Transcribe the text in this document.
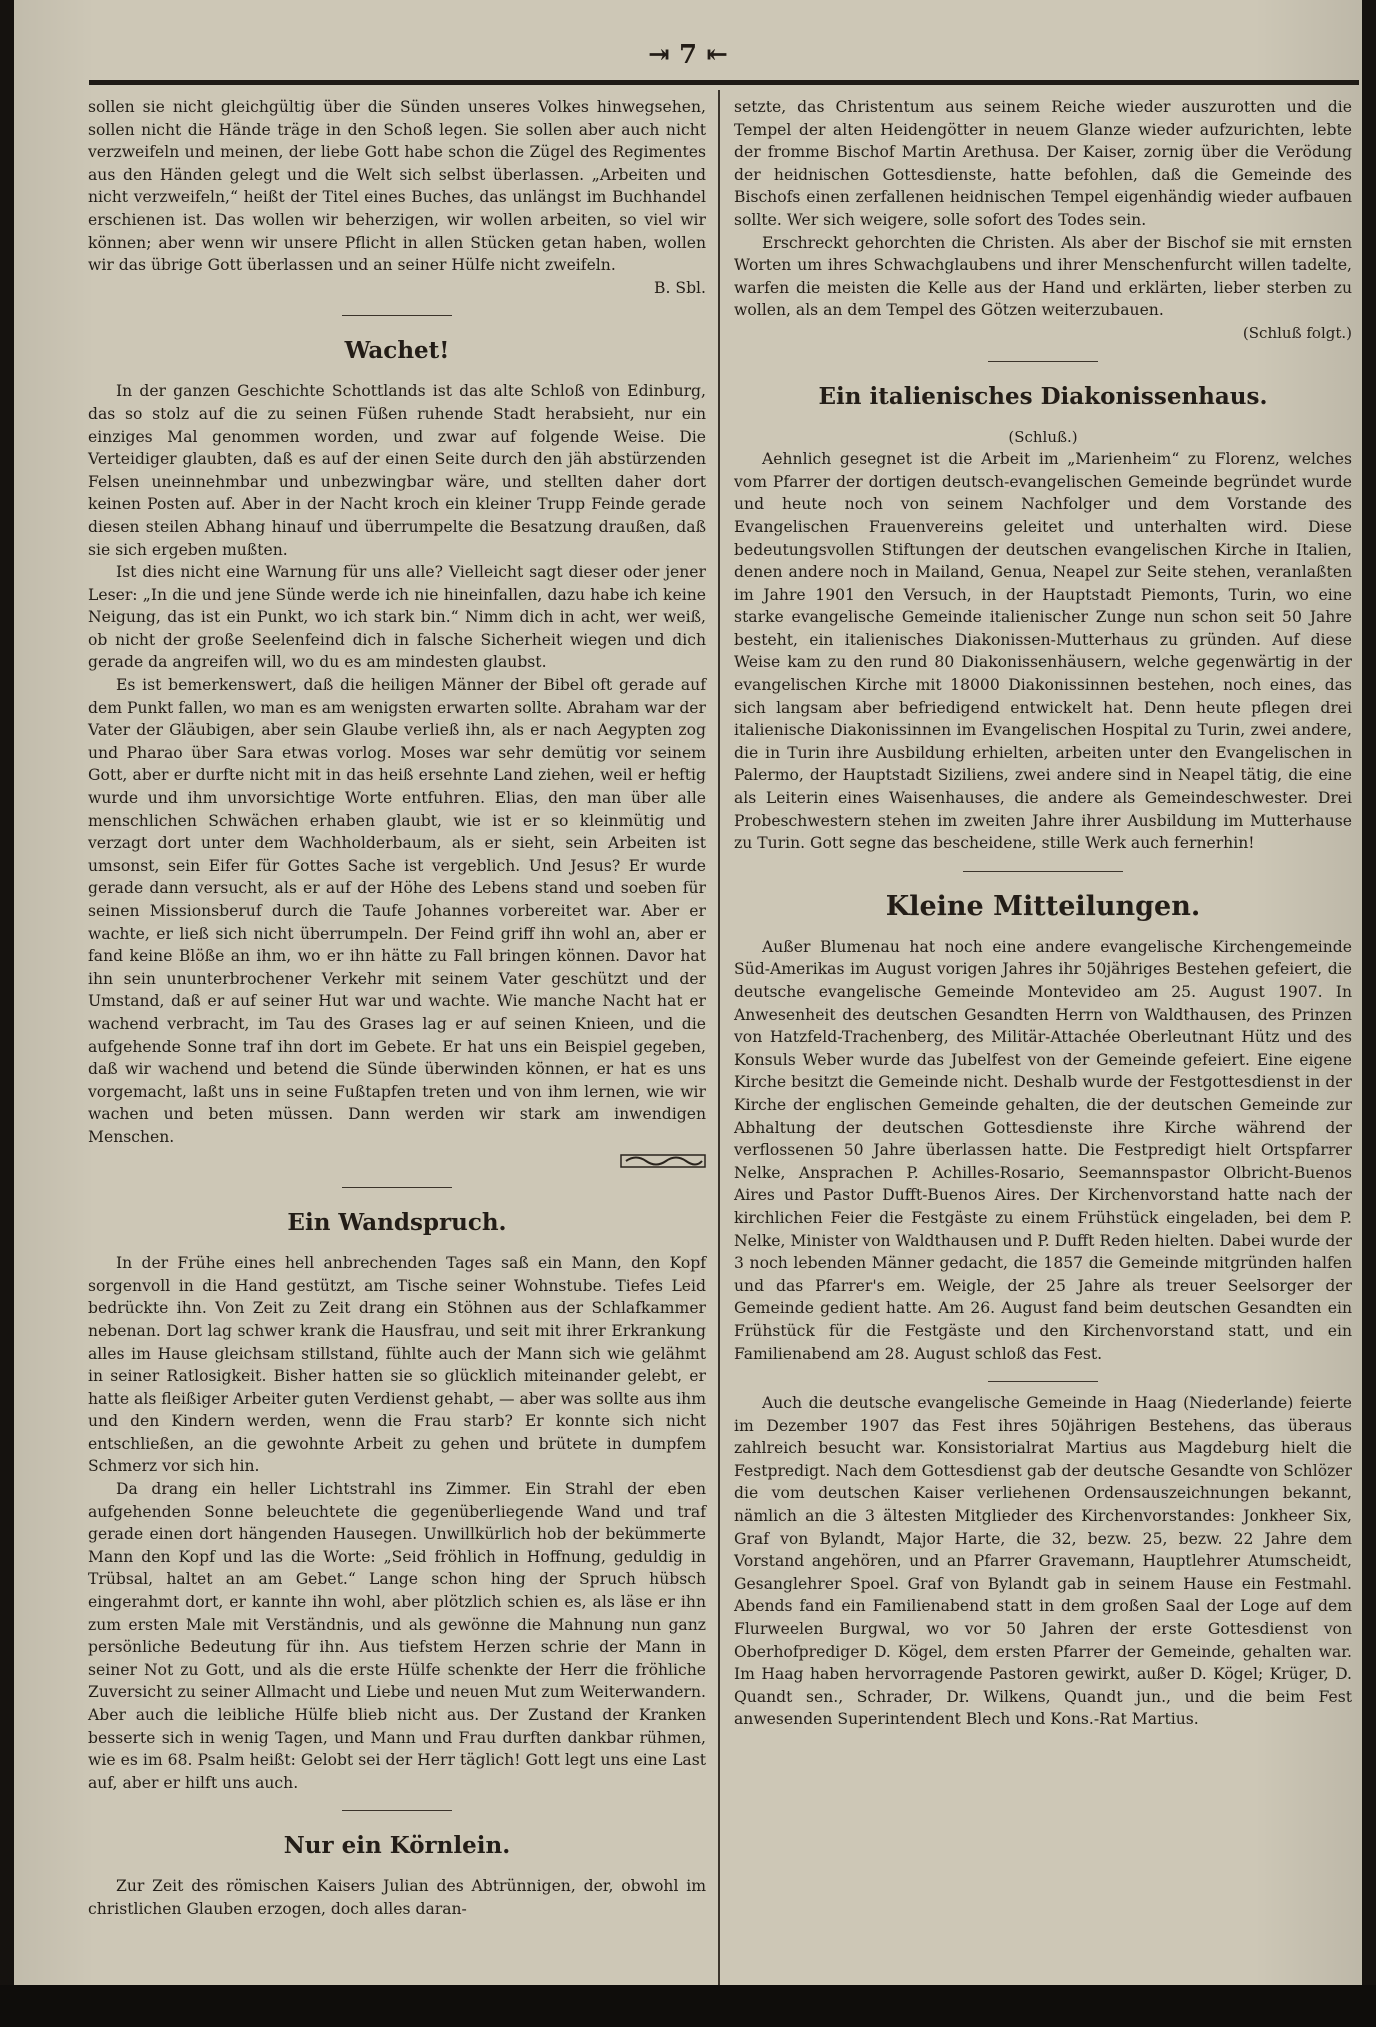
⇥ 7 ⇤

sollen sie nicht gleichgültig über die Sünden unseres Volkes hinwegsehen, sollen nicht die Hände träge in den Schoß legen. Sie sollen aber auch nicht verzweifeln und meinen, der liebe Gott habe schon die Zügel des Regimentes aus den Händen gelegt und die Welt sich selbst überlassen. „Arbeiten und nicht verzweifeln,“ heißt der Titel eines Buches, das unlängst im Buchhandel erschienen ist. Das wollen wir beherzigen, wir wollen arbeiten, so viel wir können; aber wenn wir unsere Pflicht in allen Stücken getan haben, wollen wir das übrige Gott überlassen und an seiner Hülfe nicht zweifeln.

B. Sbl.
Wachet!

In der ganzen Geschichte Schottlands ist das alte Schloß von Edinburg, das so stolz auf die zu seinen Füßen ruhende Stadt herabsieht, nur ein einziges Mal genommen worden, und zwar auf folgende Weise. Die Verteidiger glaubten, daß es auf der einen Seite durch den jäh abstürzenden Felsen uneinnehmbar und unbezwingbar wäre, und stellten daher dort keinen Posten auf. Aber in der Nacht kroch ein kleiner Trupp Feinde gerade diesen steilen Abhang hinauf und überrumpelte die Besatzung draußen, daß sie sich ergeben mußten.

Ist dies nicht eine Warnung für uns alle? Vielleicht sagt dieser oder jener Leser: „In die und jene Sünde werde ich nie hineinfallen, dazu habe ich keine Neigung, das ist ein Punkt, wo ich stark bin.“ Nimm dich in acht, wer weiß, ob nicht der große Seelenfeind dich in falsche Sicherheit wiegen und dich gerade da angreifen will, wo du es am mindesten glaubst.

Es ist bemerkenswert, daß die heiligen Männer der Bibel oft gerade auf dem Punkt fallen, wo man es am wenigsten erwarten sollte. Abraham war der Vater der Gläubigen, aber sein Glaube verließ ihn, als er nach Aegypten zog und Pharao über Sara etwas vorlog. Moses war sehr demütig vor seinem Gott, aber er durfte nicht mit in das heiß ersehnte Land ziehen, weil er heftig wurde und ihm unvorsichtige Worte entfuhren. Elias, den man über alle menschlichen Schwächen erhaben glaubt, wie ist er so kleinmütig und verzagt dort unter dem Wachholderbaum, als er sieht, sein Arbeiten ist umsonst, sein Eifer für Gottes Sache ist vergeblich. Und Jesus? Er wurde gerade dann versucht, als er auf der Höhe des Lebens stand und soeben für seinen Missionsberuf durch die Taufe Johannes vorbereitet war. Aber er wachte, er ließ sich nicht überrumpeln. Der Feind griff ihn wohl an, aber er fand keine Blöße an ihm, wo er ihn hätte zu Fall bringen können. Davor hat ihn sein ununterbrochener Verkehr mit seinem Vater geschützt und der Umstand, daß er auf seiner Hut war und wachte. Wie manche Nacht hat er wachend verbracht, im Tau des Grases lag er auf seinen Knieen, und die aufgehende Sonne traf ihn dort im Gebete. Er hat uns ein Beispiel gegeben, daß wir wachend und betend die Sünde überwinden können, er hat es uns vorgemacht, laßt uns in seine Fußtapfen treten und von ihm lernen, wie wir wachen und beten müssen. Dann werden wir stark am inwendigen Menschen.

Ein Wandspruch.

In der Frühe eines hell anbrechenden Tages saß ein Mann, den Kopf sorgenvoll in die Hand gestützt, am Tische seiner Wohnstube. Tiefes Leid bedrückte ihn. Von Zeit zu Zeit drang ein Stöhnen aus der Schlafkammer nebenan. Dort lag schwer krank die Hausfrau, und seit mit ihrer Erkrankung alles im Hause gleichsam stillstand, fühlte auch der Mann sich wie gelähmt in seiner Ratlosigkeit. Bisher hatten sie so glücklich miteinander gelebt, er hatte als fleißiger Arbeiter guten Verdienst gehabt, — aber was sollte aus ihm und den Kindern werden, wenn die Frau starb? Er konnte sich nicht entschließen, an die gewohnte Arbeit zu gehen und brütete in dumpfem Schmerz vor sich hin.

Da drang ein heller Lichtstrahl ins Zimmer. Ein Strahl der eben aufgehenden Sonne beleuchtete die gegenüberliegende Wand und traf gerade einen dort hängenden Hausegen. Unwillkürlich hob der bekümmerte Mann den Kopf und las die Worte: „Seid fröhlich in Hoffnung, geduldig in Trübsal, haltet an am Gebet.“ Lange schon hing der Spruch hübsch eingerahmt dort, er kannte ihn wohl, aber plötzlich schien es, als läse er ihn zum ersten Male mit Verständnis, und als gewönne die Mahnung nun ganz persönliche Bedeutung für ihn. Aus tiefstem Herzen schrie der Mann in seiner Not zu Gott, und als die erste Hülfe schenkte der Herr die fröhliche Zuversicht zu seiner Allmacht und Liebe und neuen Mut zum Weiterwandern. Aber auch die leibliche Hülfe blieb nicht aus. Der Zustand der Kranken besserte sich in wenig Tagen, und Mann und Frau durften dankbar rühmen, wie es im 68. Psalm heißt: Gelobt sei der Herr täglich! Gott legt uns eine Last auf, aber er hilft uns auch.

Nur ein Körnlein.

Zur Zeit des römischen Kaisers Julian des Abtrünnigen, der, obwohl im christlichen Glauben erzogen, doch alles daran-

setzte, das Christentum aus seinem Reiche wieder auszurotten und die Tempel der alten Heidengötter in neuem Glanze wieder aufzurichten, lebte der fromme Bischof Martin Arethusa. Der Kaiser, zornig über die Verödung der heidnischen Gottesdienste, hatte befohlen, daß die Gemeinde des Bischofs einen zerfallenen heidnischen Tempel eigenhändig wieder aufbauen sollte. Wer sich weigere, solle sofort des Todes sein.

Erschreckt gehorchten die Christen. Als aber der Bischof sie mit ernsten Worten um ihres Schwachglaubens und ihrer Menschenfurcht willen tadelte, warfen die meisten die Kelle aus der Hand und erklärten, lieber sterben zu wollen, als an dem Tempel des Götzen weiterzubauen.

(Schluß folgt.)
Ein italienisches Diakonissenhaus.
(Schluß.)

Aehnlich gesegnet ist die Arbeit im „Marienheim“ zu Florenz, welches vom Pfarrer der dortigen deutsch-evangelischen Gemeinde begründet wurde und heute noch von seinem Nachfolger und dem Vorstande des Evangelischen Frauenvereins geleitet und unterhalten wird. Diese bedeutungsvollen Stiftungen der deutschen evangelischen Kirche in Italien, denen andere noch in Mailand, Genua, Neapel zur Seite stehen, veranlaßten im Jahre 1901 den Versuch, in der Hauptstadt Piemonts, Turin, wo eine starke evangelische Gemeinde italienischer Zunge nun schon seit 50 Jahre besteht, ein italienisches Diakonissen-Mutterhaus zu gründen. Auf diese Weise kam zu den rund 80 Diakonissenhäusern, welche gegenwärtig in der evangelischen Kirche mit 18000 Diakonissinnen bestehen, noch eines, das sich langsam aber befriedigend entwickelt hat. Denn heute pflegen drei italienische Diakonissinnen im Evangelischen Hospital zu Turin, zwei andere, die in Turin ihre Ausbildung erhielten, arbeiten unter den Evangelischen in Palermo, der Hauptstadt Siziliens, zwei andere sind in Neapel tätig, die eine als Leiterin eines Waisenhauses, die andere als Gemeindeschwester. Drei Probeschwestern stehen im zweiten Jahre ihrer Ausbildung im Mutterhause zu Turin. Gott segne das bescheidene, stille Werk auch fernerhin!

Kleine Mitteilungen.

Außer Blumenau hat noch eine andere evangelische Kirchengemeinde Süd-Amerikas im August vorigen Jahres ihr 50jähriges Bestehen gefeiert, die deutsche evangelische Gemeinde Montevideo am 25. August 1907. In Anwesenheit des deutschen Gesandten Herrn von Waldthausen, des Prinzen von Hatzfeld-Trachenberg, des Militär-Attachée Oberleutnant Hütz und des Konsuls Weber wurde das Jubelfest von der Gemeinde gefeiert. Eine eigene Kirche besitzt die Gemeinde nicht. Deshalb wurde der Festgottesdienst in der Kirche der englischen Gemeinde gehalten, die der deutschen Gemeinde zur Abhaltung der deutschen Gottesdienste ihre Kirche während der verflossenen 50 Jahre überlassen hatte. Die Festpredigt hielt Ortspfarrer Nelke, Ansprachen P. Achilles-Rosario, Seemannspastor Olbricht-Buenos Aires und Pastor Dufft-Buenos Aires. Der Kirchenvorstand hatte nach der kirchlichen Feier die Festgäste zu einem Frühstück eingeladen, bei dem P. Nelke, Minister von Waldthausen und P. Dufft Reden hielten. Dabei wurde der 3 noch lebenden Männer gedacht, die 1857 die Gemeinde mitgründen halfen und das Pfarrer's em. Weigle, der 25 Jahre als treuer Seelsorger der Gemeinde gedient hatte. Am 26. August fand beim deutschen Gesandten ein Frühstück für die Festgäste und den Kirchenvorstand statt, und ein Familienabend am 28. August schloß das Fest.

Auch die deutsche evangelische Gemeinde in Haag (Niederlande) feierte im Dezember 1907 das Fest ihres 50jährigen Bestehens, das überaus zahlreich besucht war. Konsistorialrat Martius aus Magdeburg hielt die Festpredigt. Nach dem Gottesdienst gab der deutsche Gesandte von Schlözer die vom deutschen Kaiser verliehenen Ordensauszeichnungen bekannt, nämlich an die 3 ältesten Mitglieder des Kirchenvorstandes: Jonkheer Six, Graf von Bylandt, Major Harte, die 32, bezw. 25, bezw. 22 Jahre dem Vorstand angehören, und an Pfarrer Gravemann, Hauptlehrer Atumscheidt, Gesanglehrer Spoel. Graf von Bylandt gab in seinem Hause ein Festmahl. Abends fand ein Familienabend statt in dem großen Saal der Loge auf dem Flurweelen Burgwal, wo vor 50 Jahren der erste Gottesdienst von Oberhofprediger D. Kögel, dem ersten Pfarrer der Gemeinde, gehalten war. Im Haag haben hervorragende Pastoren gewirkt, außer D. Kögel; Krüger, D. Quandt sen., Schrader, Dr. Wilkens, Quandt jun., und die beim Fest anwesenden Superintendent Blech und Kons.-Rat Martius.
